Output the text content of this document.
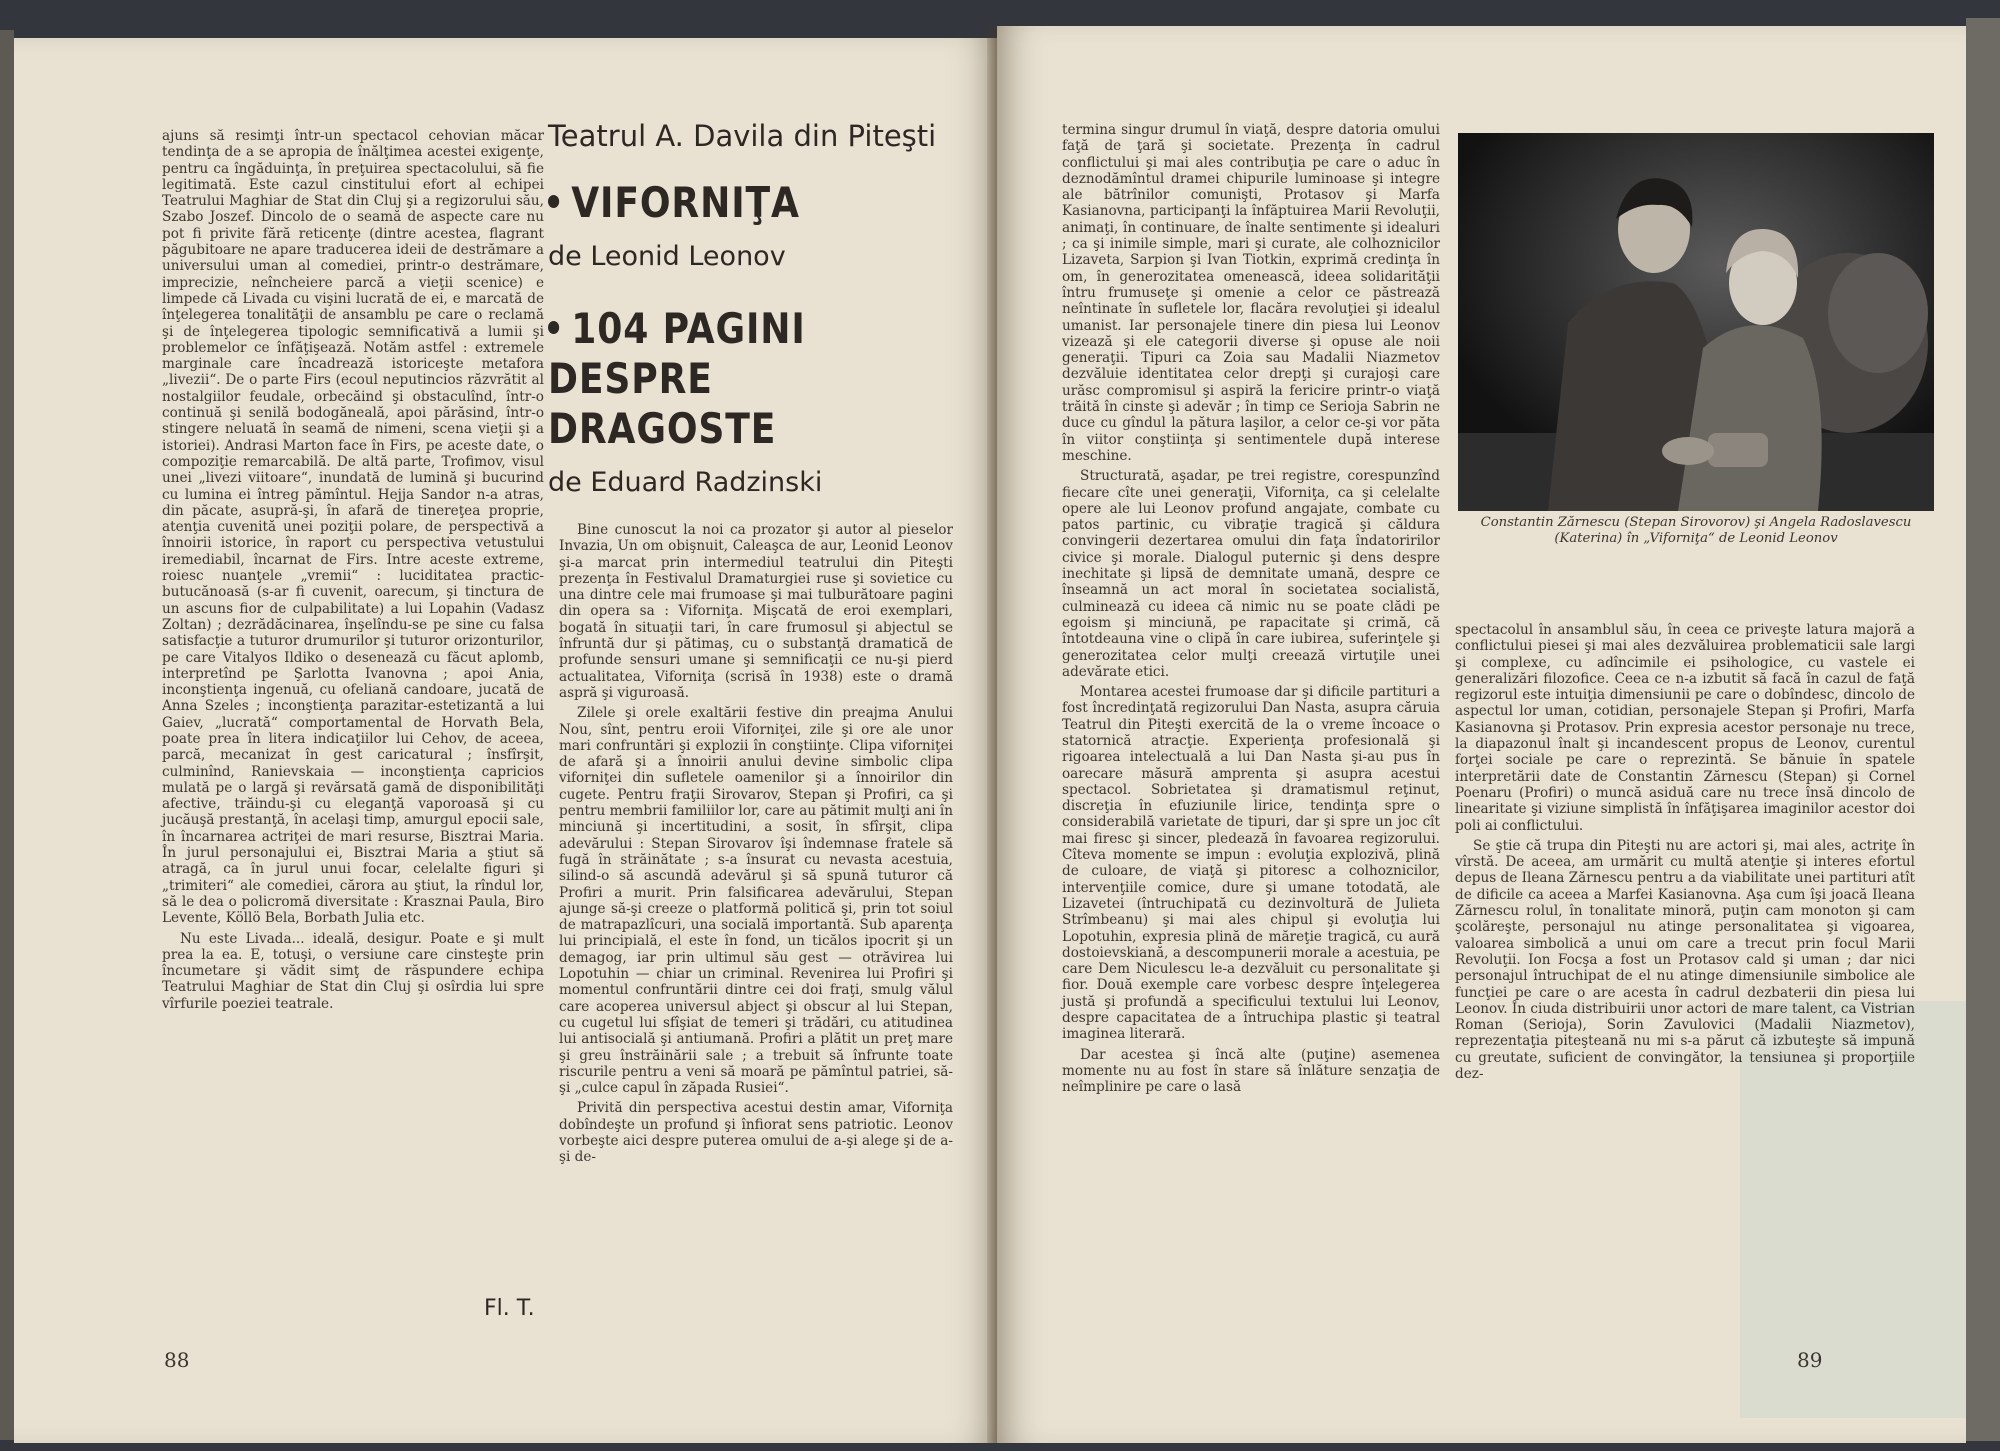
ajuns să resimţi într-un spectacol cehovian măcar tendinţa de a se apropia de înălţimea acestei exigenţe, pentru ca îngăduinţa, în preţuirea spectacolului, să fie legitimată. Este cazul cinstitului efort al echipei Teatrului Maghiar de Stat din Cluj şi a regizorului său, Szabo Joszef. Dincolo de o seamă de aspecte care nu pot fi privite fără reticenţe (dintre acestea, flagrant păgubitoare ne apare traducerea ideii de destrămare a universului uman al comediei, printr-o destrămare, imprecizie, neîncheiere parcă a vieţii scenice) e limpede că Livada cu vişini lucrată de ei, e marcată de înţelegerea tonalităţii de ansamblu pe care o reclamă şi de înţelegerea tipologic semnificativă a lumii şi problemelor ce înfăţişează. Notăm astfel : extremele marginale care încadrează istoriceşte metafora „livezii“. De o parte Firs (ecoul neputincios răzvrătit al nostalgiilor feudale, orbecăind şi obstaculînd, într-o continuă şi senilă bodogăneală, apoi părăsind, într-o stingere neluată în seamă de nimeni, scena vieţii şi a istoriei). Andrasi Marton face în Firs, pe aceste date, o compoziţie remarcabilă. De altă parte, Trofimov, visul unei „livezi viitoare“, inundată de lumină şi bucurind cu lumina ei întreg pămîntul. Hejja Sandor n-a atras, din păcate, asupră-şi, în afară de tinereţea proprie, atenţia cuvenită unei poziţii polare, de perspectivă a înnoirii istorice, în raport cu perspectiva vetustului iremediabil, încarnat de Firs. Intre aceste extreme, roiesc nuanţele „vremii“ : luciditatea practic-butucănoasă (s-ar fi cuvenit, oarecum, şi tinctura de un ascuns fior de culpabilitate) a lui Lopahin (Vadasz Zoltan) ; dezrădăcinarea, înşelîndu-se pe sine cu falsa satisfacţie a tuturor drumurilor şi tuturor orizonturilor, pe care Vitalyos Ildiko o desenează cu făcut aplomb, interpretînd pe Şarlotta Ivanovna ; apoi Ania, inconştienţa ingenuă, cu ofeliană candoare, jucată de Anna Szeles ; inconştienţa parazitar-estetizantă a lui Gaiev, „lucrată“ comportamental de Horvath Bela, poate prea în litera indicaţiilor lui Cehov, de aceea, parcă, mecanizat în gest caricatural ; însfîrşit, culminînd, Ranievskaia — inconştienţa capricios mulată pe o largă şi revărsată gamă de disponibilităţi afective, trăindu-şi cu eleganţă vaporoasă şi cu jucăuşă prestanţă, în acelaşi timp, amurgul epocii sale, în încarnarea actriţei de mari resurse, Bisztrai Maria. În jurul personajului ei, Bisztrai Maria a ştiut să atragă, ca în jurul unui focar, celelalte figuri şi „trimiteri“ ale comediei, cărora au ştiut, la rîndul lor, să le dea o policromă diversitate : Krasznai Paula, Biro Levente, Köllö Bela, Borbath Julia etc.

Nu este Livada... ideală, desigur. Poate e şi mult prea la ea. E, totuşi, o versiune care cinsteşte prin încumetare şi vădit simţ de răspundere echipa Teatrului Maghiar de Stat din Cluj şi osîrdia lui spre vîrfurile poeziei teatrale.

Teatrul A. Davila din Piteşti
VIFORNIŢA
de Leonid Leonov
104 PAGINI DESPRE DRAGOSTE
de Eduard Radzinski

Bine cunoscut la noi ca prozator şi autor al pieselor Invazia, Un om obişnuit, Caleaşca de aur, Leonid Leonov şi-a marcat prin intermediul teatrului din Piteşti prezenţa în Festivalul Dramaturgiei ruse şi sovietice cu una dintre cele mai frumoase şi mai tulburătoare pagini din opera sa : Viforniţa. Mişcată de eroi exemplari, bogată în situaţii tari, în care frumosul şi abjectul se înfruntă dur şi pătimaş, cu o substanţă dramatică de profunde sensuri umane şi semnificaţii ce nu-şi pierd actualitatea, Viforniţa (scrisă în 1938) este o dramă aspră şi viguroasă.

Zilele şi orele exaltării festive din preajma Anului Nou, sînt, pentru eroii Viforniţei, zile şi ore ale unor mari confruntări şi explozii în conştiinţe. Clipa viforniţei de afară şi a înnoirii anului devine simbolic clipa viforniţei din sufletele oamenilor şi a înnoirilor din cugete. Pentru fraţii Sirovarov, Stepan şi Profiri, ca şi pentru membrii familiilor lor, care au pătimit mulţi ani în minciună şi incertitudini, a sosit, în sfîrşit, clipa adevărului : Stepan Sirovarov îşi îndemnase fratele să fugă în străinătate ; s-a însurat cu nevasta acestuia, silind-o să ascundă adevărul şi să spună tuturor că Profiri a murit. Prin falsificarea adevărului, Stepan ajunge să-şi creeze o platformă politică şi, prin tot soiul de matrapazlîcuri, una socială importantă. Sub aparenţa lui principială, el este în fond, un ticălos ipocrit şi un demagog, iar prin ultimul său gest — otrăvirea lui Lopotuhin — chiar un criminal. Revenirea lui Profiri şi momentul confruntării dintre cei doi fraţi, smulg vălul care acoperea universul abject şi obscur al lui Stepan, cu cugetul lui sfîşiat de temeri şi trădări, cu atitudinea lui antisocială şi antiumană. Profiri a plătit un preţ mare şi greu înstrăinării sale ; a trebuit să înfrunte toate riscurile pentru a veni să moară pe pămîntul patriei, să-şi „culce capul în zăpada Rusiei“.

Privită din perspectiva acestui destin amar, Viforniţa dobîndeşte un profund şi înfiorat sens patriotic. Leonov vorbeşte aici despre puterea omului de a-şi alege şi de a-şi de-

Fl. T.
88

termina singur drumul în viaţă, despre datoria omului faţă de ţară şi societate. Prezenţa în cadrul conflictului şi mai ales contribuţia pe care o aduc în deznodămîntul dramei chipurile luminoase şi integre ale bătrînilor comunişti, Protasov şi Marfa Kasianovna, participanţi la înfăptuirea Marii Revoluţii, animaţi, în continuare, de înalte sentimente şi idealuri ; ca şi inimile simple, mari şi curate, ale colhoznicilor Lizaveta, Sarpion şi Ivan Tiotkin, exprimă credinţa în om, în generozitatea omenească, ideea solidarităţii întru frumuseţe şi omenie a celor ce păstrează neîntinate în sufletele lor, flacăra revoluţiei şi idealul umanist. Iar personajele tinere din piesa lui Leonov vizează şi ele categorii diverse şi opuse ale noii generaţii. Tipuri ca Zoia sau Madalii Niazmetov dezvăluie identitatea celor drepţi şi curajoşi care urăsc compromisul şi aspiră la fericire printr-o viaţă trăită în cinste şi adevăr ; în timp ce Serioja Sabrin ne duce cu gîndul la pătura laşilor, a celor ce-şi vor păta în viitor conştiinţa şi sentimentele după interese meschine.

Structurată, aşadar, pe trei registre, corespunzînd fiecare cîte unei generaţii, Viforniţa, ca şi celelalte opere ale lui Leonov profund angajate, combate cu patos partinic, cu vibraţie tragică şi căldura convingerii dezertarea omului din faţa îndatoririlor civice şi morale. Dialogul puternic şi dens despre inechitate şi lipsă de demnitate umană, despre ce înseamnă un act moral în societatea socialistă, culminează cu ideea că nimic nu se poate clădi pe egoism şi minciună, pe rapacitate şi crimă, că întotdeauna vine o clipă în care iubirea, suferinţele şi generozitatea celor mulţi creează virtuţile unei adevărate etici.

Montarea acestei frumoase dar şi dificile partituri a fost încredinţată regizorului Dan Nasta, asupra căruia Teatrul din Piteşti exercită de la o vreme încoace o statornică atracţie. Experienţa profesională şi rigoarea intelectuală a lui Dan Nasta şi-au pus în oarecare măsură amprenta şi asupra acestui spectacol. Sobrietatea şi dramatismul reţinut, discreţia în efuziunile lirice, tendinţa spre o considerabilă varietate de tipuri, dar şi spre un joc cît mai firesc şi sincer, pledează în favoarea regizorului. Cîteva momente se impun : evoluţia explozivă, plină de culoare, de viaţă şi pitoresc a colhoznicilor, intervenţiile comice, dure şi umane totodată, ale Lizavetei (întruchipată cu dezinvoltură de Julieta Strîmbeanu) şi mai ales chipul şi evoluţia lui Lopotuhin, expresia plină de măreţie tragică, cu aură dostoievskiană, a descompunerii morale a acestuia, pe care Dem Niculescu le-a dezvăluit cu personalitate şi fior. Două exemple care vorbesc despre înţelegerea justă şi profundă a specificului textului lui Leonov, despre capacitatea de a întruchipa plastic şi teatral imaginea literară.

Dar acestea şi încă alte (puţine) asemenea momente nu au fost în stare să înlăture senzaţia de neîmplinire pe care o lasă

Constantin Zărnescu (Stepan Sirovorov) şi Angela Radoslavescu (Katerina) în „Viforniţa“ de Leonid Leonov

spectacolul în ansamblul său, în ceea ce priveşte latura majoră a conflictului piesei şi mai ales dezvăluirea problematicii sale largi şi complexe, cu adîncimile ei psihologice, cu vastele ei generalizări filozofice. Ceea ce n-a izbutit să facă în cazul de faţă regizorul este intuiţia dimensiunii pe care o dobîndesc, dincolo de aspectul lor uman, cotidian, personajele Stepan şi Profiri, Marfa Kasianovna şi Protasov. Prin expresia acestor personaje nu trece, la diapazonul înalt şi incandescent propus de Leonov, curentul forţei sociale pe care o reprezintă. Se bănuie în spatele interpretării date de Constantin Zărnescu (Stepan) şi Cornel Poenaru (Profiri) o muncă asiduă care nu trece însă dincolo de linearitate şi viziune simplistă în înfăţişarea imaginilor acestor doi poli ai conflictului.

Se ştie că trupa din Piteşti nu are actori şi, mai ales, actriţe în vîrstă. De aceea, am urmărit cu multă atenţie şi interes efortul depus de Ileana Zărnescu pentru a da viabilitate unei partituri atît de dificile ca aceea a Marfei Kasianovna. Aşa cum îşi joacă Ileana Zărnescu rolul, în tonalitate minoră, puţin cam monoton şi cam şcolăreşte, personajul nu atinge personalitatea şi vigoarea, valoarea simbolică a unui om care a trecut prin focul Marii Revoluţii. Ion Focşa a fost un Protasov cald şi uman ; dar nici personajul întruchipat de el nu atinge dimensiunile simbolice ale funcţiei pe care o are acesta în cadrul dezbaterii din piesa lui Leonov. În ciuda distribuirii unor actori de mare talent, ca Vistrian Roman (Serioja), Sorin Zavulovici (Madalii Niazmetov), reprezentaţia piteşteană nu mi s-a părut că izbuteşte să impună cu greutate, suficient de convingător, la tensiunea şi proporţiile dez-

89
